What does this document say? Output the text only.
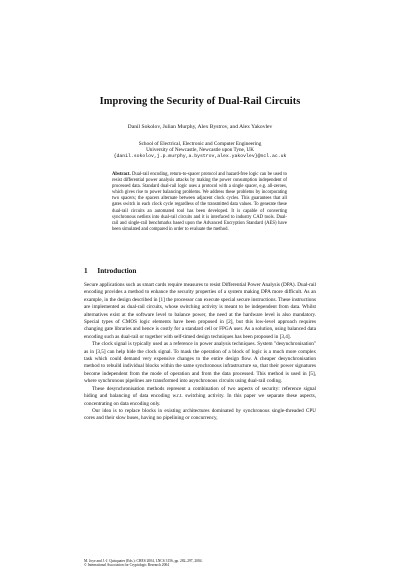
Improving the Security of Dual-Rail Circuits
Danil Sokolov, Julian Murphy, Alex Bystrov, and Alex Yakovlev
School of Electrical, Electronic and Computer Engineering
University of Newcastle, Newcastle upon Tyne, UK
{danil.sokolov,j.p.murphy,a.bystrov,alex.yakovlev}@ncl.ac.uk
Abstract. Dual-rail encoding, return-to-spacer protocol and hazard-free logic can be used to resist differential power analysis attacks by making the power consumption independent of processed data. Standard dual-rail logic uses a protocol with a single spacer, e.g. all-zeroes, which gives rise to power balancing problems. We address these problems by incorporating two spacers; the spacers alternate between adjacent clock cycles. This guarantees that all gates switch in each clock cycle regardless of the transmitted data values. To generate these dual-rail circuits an automated tool has been developed. It is capable of converting synchronous netlists into dual-rail circuits and it is interfaced to industry CAD tools. Dual-rail and single-rail benchmarks based upon the Advanced Encryption Standard (AES) have been simulated and compared in order to evaluate the method.
1 Introduction

Secure applications such as smart cards require measures to resist Differential Power Analysis (DPA). Dual-rail encoding provides a method to enhance the security properties of a system making DPA more difficult. As an example, in the design described in [1] the processor can execute special secure instructions. These instructions are implemented as dual-rail circuits, whose switching activity is meant to be independent from data. Whilst alternatives exist at the software level to balance power, the need at the hardware level is also mandatory. Special types of CMOS logic elements have been proposed in [2], but this low-level approach requires changing gate libraries and hence is costly for a standard cell or FPGA user. As a solution, using balanced data encoding such as dual-rail or together with self-timed design techniques has been proposed in [3,4].

The clock signal is typically used as a reference in power analysis techniques. System "desynchronisation" as in [3,5] can help hide the clock signal. To mask the operation of a block of logic is a much more complex task which could demand very expensive changes to the entire design flow. A cheaper desynchronisation method to rebuild individual blocks within the same synchronous infrastructure so, that their power signatures become independent from the mode of operation and from the data processed. This method is used in [5], where synchronous pipelines are transformed into asynchronous circuits using dual-rail coding.

These desynchronisation methods represent a combination of two aspects of security: reference signal hiding and balancing of data encoding w.r.t. switching activity. In this paper we separate these aspects, concentrating on data encoding only.

Our idea is to replace blocks in existing architectures dominated by synchronous single-threaded CPU cores and their slow buses, having no pipelining or concurrency,

M. Joye and J.-J. Quisquater (Eds.): CHES 2004, LNCS 3156, pp. 282–297, 2004.
© International Association for Cryptologic Research 2004
